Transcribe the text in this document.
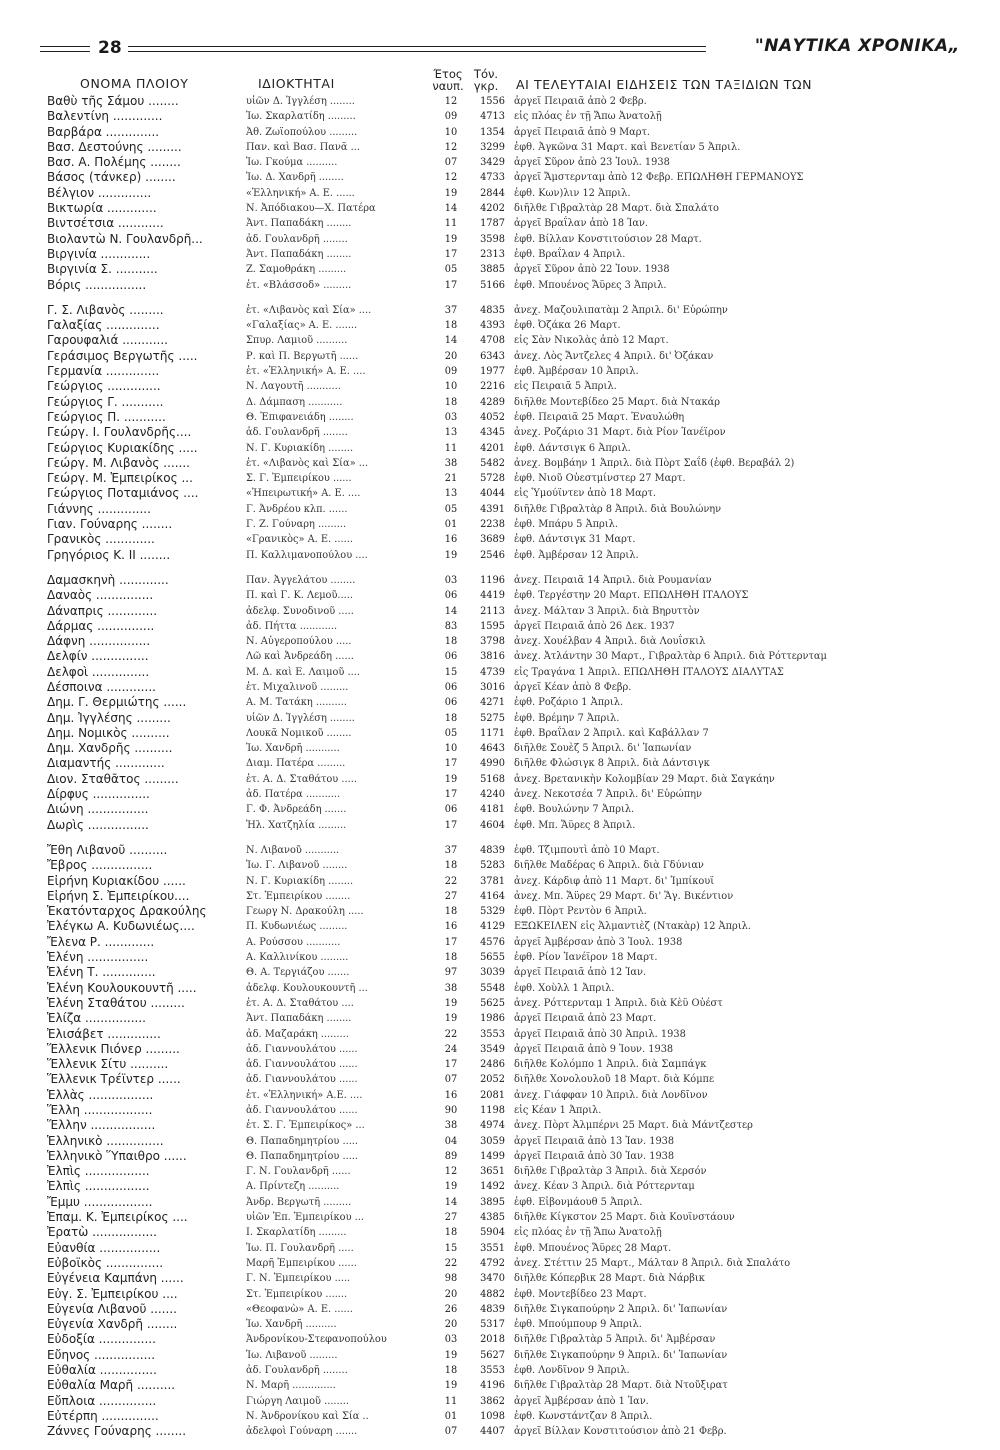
28	"ΝΑΥΤΙΚΑ ΧΡΟΝΙΚΑ„
ΟΝΟΜΑ ΠΛΟΙΟΥ	ΙΔΙΟΚΤΗΤΑΙ
Έτος
ναυπ.
Τόν.
γκρ.	ΑΙ ΤΕΛΕΥΤΑΙΑΙ ΕΙΔΗΣΕΙΣ ΤΩΝ ΤΑΞΙΔΙΩΝ ΤΩΝ
Βαθὺ τῆς Σάμου ........	υἱῶν Δ. Ἰγγλέση ........	12	1556 ἀργεῖ Πειραιᾶ ἀπὸ 2 Φεβρ.
Βαλεντίνη .............	Ἰω. Σκαρλατίδη .........	09	4713 εἰς πλόας ἐν τῇ Ἄπω Ἀνατολῇ
Βαρβάρα ..............	Ἀθ. Ζωϊοπούλου .........	10	1354 ἀργεῖ Πειραιᾶ ἀπὸ 9 Μαρτ.
Βασ. Δεστούνης .........	Παν. καὶ Βασ. Πανᾶ ...	12	3299 ἐφθ. Ἀγκῶνα 31 Μαρτ. καὶ Βενετίαν 5 Ἀπριλ.
Βασ. Α. Πολέμης ........	Ἰω. Γκούμα ..........	07	3429 ἀργεῖ Σῦρον ἀπὸ 23 Ἰουλ. 1938
Βάσος (τάνκερ) ........	Ἰω. Δ. Χανδρῆ ........	12	4733 ἀργεῖ Ἄμστερνταμ ἀπὸ 12 Φεβρ. ΕΠΩΛΗΘΗ ΓΕΡΜΑΝΟΥΣ
Βέλγιον ..............	«Ἑλληνική» Α. Ε. ......	19	2844 ἐφθ. Κων)λιν 12 Ἀπριλ.
Βικτωρία .............	Ν. Ἀπόδιακου—Χ. Πατέρα	14	4202 διῆλθε Γιβραλτὰρ 28 Μαρτ. διὰ Σπαλάτο
Βιντσέτσια ............	Ἀντ. Παπαδάκη ........	11	1787 ἀργεῖ Βραΐλαν ἀπὸ 18 Ἰαν.
Βιολαντὼ Ν. Γουλανδρῆ...	ἀδ. Γουλανδρῆ ........	19	3598 ἐφθ. Βίλλαν Κονστιτούσιον 28 Μαρτ.
Βιργινία .............	Ἀντ. Παπαδάκη ........	17	2313 ἐφθ. Βραΐλαν 4 Ἀπριλ.
Βιργινία Σ. ...........	Ζ. Σαμοθράκη .........	05	3885 ἀργεῖ Σῦρον ἀπὸ 22 Ἰουν. 1938
Βόρις ................	ἑτ. «Βλάσσοδ» .........	17	5166 ἐφθ. Μπουένος Ἄϋρες 3 Ἀπριλ.
Γ. Σ. Λιβανὸς .........	ἑτ. «Λιβανὸς καὶ Σία» ....	37	4835 ἀνεχ. Μαζουλιπατὰμ 2 Ἀπριλ. δι' Εὐρώπην
Γαλαξίας ..............	«Γαλαξίας» Α. Ε. .......	18	4393 ἐφθ. Ὀζάκα 26 Μαρτ.
Γαρουφαλιά ............	Σπυρ. Λαμιοῦ ..........	14	4708 εἰς Σὰν Νικολὰς ἀπὸ 12 Μαρτ.
Γεράσιμος Βεργωτῆς .....	Ρ. καὶ Π. Βεργωτῆ ......	20	6343 ἀνεχ. Λὸς Ἄντζελες 4 Ἀπριλ. δι' Ὀζάκαν
Γερμανία ..............	ἑτ. «Ἑλληνική» Α. Ε. ....	09	1977 ἐφθ. Ἀμβέρσαν 10 Ἀπριλ.
Γεώργιος ..............	Ν. Λαγουτῆ ...........	10	2216 εἰς Πειραιᾶ 5 Ἀπριλ.
Γεώργιος Γ. ...........	Δ. Δάμπαση ...........	18	4289 διῆλθε Μοντεβίδεο 25 Μαρτ. διὰ Ντακάρ
Γεώργιος Π. ...........	Θ. Ἐπιφανειάδη ........	03	4052 ἐφθ. Πειραιᾶ 25 Μαρτ. Ἐναυλώθη
Γεώργ. Ι. Γουλανδρῆς....	ἀδ. Γουλανδρῆ ........	13	4345 ἀνεχ. Ροζάριο 31 Μαρτ. διὰ Ρίον Ἰανέϊρον
Γεώργιος Κυριακίδης .....	Ν. Γ. Κυριακίδη ........	11	4201 ἐφθ. Δάντσιγκ 6 Ἀπριλ.
Γεώργ. Μ. Λιβανὸς .......	ἑτ. «Λιβανὸς καὶ Σία» ...	38	5482 ἀνεχ. Βομβάην 1 Ἀπριλ. διὰ Πὸρτ Σαΐδ (ἐφθ. Βεραβάλ 2)
Γεώργ. Μ. Ἐμπειρίκος ...	Σ. Γ. Ἐμπειρίκου ......	21	5728 ἐφθ. Νιοῦ Οὐεστμίνστερ 27 Μαρτ.
Γεώργιος Ποταμιάνος ....	«Ἠπειρωτική» Α. Ε. ....	13	4044 εἰς Ὑμούϊντεν ἀπὸ 18 Μαρτ.
Γιάννης ..............	Γ. Ἀνδρέου κλπ. ......	05	4391 διῆλθε Γιβραλτὰρ 8 Ἀπριλ. διὰ Βουλώνην
Γιαν. Γούναρης ........	Γ. Ζ. Γούναρη .........	01	2238 ἐφθ. Μπάρυ 5 Ἀπριλ.
Γρανικὸς .............	«Γρανικὸς» Α. Ε. ......	16	3689 ἐφθ. Δάντσιγκ 31 Μαρτ.
Γρηγόριος Κ. ΙΙ ........	Π. Καλλιμανοπούλου ....	19	2546 ἐφθ. Ἀμβέρσαν 12 Ἀπριλ.
Δαμασκηνὴ .............	Παν. Ἀγγελάτου ........	03	1196 ἀνεχ. Πειραιᾶ 14 Ἀπριλ. διὰ Ρουμανίαν
Δαναὸς ...............	Π. καὶ Γ. Κ. Λεμοῦ.....	06	4419 ἐφθ. Τεργέστην 20 Μαρτ. ΕΠΩΛΗΘΗ ΙΤΑΛΟΥΣ
Δάναπρις .............	ἀδελφ. Συνοδινοῦ .....	14	2113 ἀνεχ. Μάλταν 3 Ἀπριλ. διὰ Βηρυττὸν
Δάρμας ...............	ἀδ. Πήττα ............	83	1595 ἀργεῖ Πειραιᾶ ἀπὸ 26 Δεκ. 1937
Δάφνη ................	Ν. Αὐγεροπούλου .....	18	3798 ἀνεχ. Χουέλβαν 4 Ἀπριλ. διὰ Λουΐσκιλ
Δελφίν ...............	Λῶ καὶ Ἀνδρεάδη ......	06	3816 ἀνεχ. Ἀτλάντην 30 Μαρτ., Γιβραλτὰρ 6 Ἀπριλ. διὰ Ρόττερνταμ
Δελφοὶ ...............	Μ. Δ. καὶ Ε. Λαιμοῦ ....	15	4739 εἰς Τραγάνα 1 Ἀπριλ. ΕΠΩΛΗΘΗ ΙΤΑΛΟΥΣ ΔΙΑΛΥΤΑΣ
Δέσποινα .............	ἑτ. Μιχαλινοῦ .........	06	3016 ἀργεῖ Κέαν ἀπὸ 8 Φεβρ.
Δημ. Γ. Θερμιώτης ......	Α. Μ. Τατάκη ..........	06	4271 ἐφθ. Ροζάριο 1 Ἀπριλ.
Δημ. Ἰγγλέσης .........	υἱῶν Δ. Ἰγγλέση ........	18	5275 ἐφθ. Βρέμην 7 Ἀπριλ.
Δημ. Νομικὸς ..........	Λουκᾶ Νομικοῦ ........	05	1171 ἐφθ. Βραΐλαν 2 Ἀπριλ. καὶ Καβάλλαν 7
Δημ. Χανδρῆς ..........	Ἰω. Χανδρῆ ...........	10	4643 διῆλθε Σουὲζ 5 Ἀπριλ. δι' Ἰαπωνίαν
Διαμαντής .............	Διαμ. Πατέρα .........	17	4990 διῆλθε Φλώσιγκ 8 Ἀπριλ. διὰ Δάντσιγκ
Διον. Σταθᾶτος .........	ἑτ. Α. Δ. Σταθάτου .....	19	5168 ἀνεχ. Βρετανικὴν Κολομβίαν 29 Μαρτ. διὰ Σαγκάην
Δίρφυς ...............	ἀδ. Πατέρα ...........	17	4240 ἀνεχ. Νεκοτσέα 7 Ἀπριλ. δι' Εὐρώπην
Διώνη ................	Γ. Φ. Ἀνδρεάδη .......	06	4181 ἐφθ. Βουλώνην 7 Ἀπριλ.
Δωρὶς ................	Ἠλ. Χατζηλία .........	17	4604 ἐφθ. Μπ. Ἄϋρες 8 Ἀπριλ.
Ἔθη Λιβανοῦ ..........	Ν. Λιβανοῦ ...........	37	4839 ἐφθ. Τζιμπουτὶ ἀπὸ 10 Μαρτ.
Ἔβρος ................	Ἰω. Γ. Λιβανοῦ ........	18	5283 διῆλθε Μαδέρας 6 Ἀπριλ. διὰ Γδύνιαν
Εἰρήνη Κυριακίδου ......	Ν. Γ. Κυριακίδη ........	22	3781 ἀνεχ. Κάρδιφ ἀπὸ 11 Μαρτ. δι' Ἰμπίκουϊ
Εἰρήνη Σ. Ἐμπειρίκου....	Στ. Ἐμπειρίκου ........	27	4164 ἀνεχ. Μπ. Ἄϋρες 29 Μαρτ. δι' Ἅγ. Βικέντιον
Ἑκατόνταρχος Δρακούλης	Γεωργ Ν. Δρακούλη .....	18	5329 ἐφθ. Πὸρτ Ρεντὸν 6 Ἀπριλ.
Ἐλέγκω Α. Κυδωνιέως....	Π. Κυδωνιέως .........	16	4129 ΕΞΩΚΕΙΛΕΝ εἰς Ἀλμαντιὲζ (Ντακὰρ) 12 Ἀπριλ.
Ἔλενα Ρ. .............	Α. Ρούσσου ...........	17	4576 ἀργεῖ Ἀμβέρσαν ἀπὸ 3 Ἰουλ. 1938
Ἑλένη ................	Α. Καλλινίκου .........	18	5655 ἐφθ. Ρίον Ἰανέϊρον 18 Μαρτ.
Ἑλένη Τ. ..............	Θ. Α. Τεργιάζου .......	97	3039 ἀργεῖ Πειραιᾶ ἀπὸ 12 Ἰαν.
Ἑλένη Κουλουκουντῆ .....	ἀδελφ. Κουλουκουντῆ ...	38	5548 ἐφθ. Χοὺλλ 1 Ἀπριλ.
Ἑλένη Σταθάτου .........	ἑτ. Α. Δ. Σταθάτου ....	19	5625 ἀνεχ. Ρόττερνταμ 1 Ἀπριλ. διὰ Κὲϋ Οὐέστ
Ἑλίζα ................	Ἀντ. Παπαδάκη ........	19	1986 ἀργεῖ Πειραιᾶ ἀπὸ 23 Μαρτ.
Ἐλισάβετ ..............	ἀδ. Μαζαράκη .........	22	3553 ἀργεῖ Πειραιᾶ ἀπὸ 30 Ἀπριλ. 1938
Ἕλλενικ Πιόνερ .........	ἀδ. Γιαννουλάτου ......	24	3549 ἀργεῖ Πειραιᾶ ἀπὸ 9 Ἰουν. 1938
Ἕλλενικ Σίτυ ..........	ἀδ. Γιαννουλάτου ......	17	2486 διῆλθε Κολόμπο 1 Ἀπριλ. διὰ Σαμπάγκ
Ἕλλενικ Τρέϊντερ ......	ἀδ. Γιαννουλάτου ......	07	2052 διῆλθε Χονολουλοῦ 18 Μαρτ. διὰ Κόμπε
Ἑλλὰς .................	ἑτ. «Ἑλληνική» Α.Ε. ....	16	2081 ἀνεχ. Γιάφφαν 10 Ἀπριλ. διὰ Λονδῖνον
Ἕλλη ..................	ἀδ. Γιαννουλάτου ......	90	1198 εἰς Κέαν 1 Ἀπριλ.
Ἕλλην .................	ἑτ. Σ. Γ. Ἐμπειρίκος» ...	38	4974 ἀνεχ. Πὸρτ Ἀλμπέρνι 25 Μαρτ. διὰ Μάντζεστερ
Ἑλληνικὸ ...............	Θ. Παπαδημητρίου .....	04	3059 ἀργεῖ Πειραιᾶ ἀπὸ 13 Ἰαν. 1938
Ἑλληνικὸ Ὕπαιθρο ......	Θ. Παπαδημητρίου .....	89	1499 ἀργεῖ Πειραιᾶ ἀπὸ 30 Ἰαν. 1938
Ἐλπὶς .................	Γ. Ν. Γουλανδρῆ ......	12	3651 διῆλθε Γιβραλτὰρ 3 Ἀπριλ. διὰ Χερσόν
Ἐλπὶς .................	Α. Πρίντεζη ..........	19	1492 ἀνεχ. Κέαν 3 Ἀπριλ. διὰ Ρόττερνταμ
Ἔμμυ ..................	Ἀνδρ. Βεργωτῆ .........	14	3895 ἐφθ. Εἰβονμάουθ 5 Ἀπριλ.
Ἐπαμ. Κ. Ἐμπειρίκος ....	υἱῶν Ἐπ. Ἐμπειρίκου ...	27	4385 διῆλθε Κίγκστον 25 Μαρτ. διὰ Κουϊνστάουν
Ἐρατὼ .................	Ι. Σκαρλατίδη .........	18	5904 εἰς πλόας ἐν τῇ Ἄπω Ἀνατολῇ
Εὐανθία ................	Ἰω. Π. Γουλανδρῆ .....	15	3551 ἐφθ. Μπουένος Ἄϋρες 28 Μαρτ.
Εὐβοϊκὸς ...............	Μαρῆ Ἐμπειρίκου ......	22	4792 ἀνεχ. Στέττιν 25 Μαρτ., Μάλταν 8 Ἀπριλ. διὰ Σπαλάτο
Εὐγένεια Καμπάνη ......	Γ. Ν. Ἐμπειρίκου .....	98	3470 διῆλθε Κόπερβικ 28 Μαρτ. διὰ Νάρβικ
Εὐγ. Σ. Ἐμπειρίκου ....	Στ. Ἐμπειρίκου .......	20	4882 ἐφθ. Μοντεβίδεο 23 Μαρτ.
Εὐγενία Λιβανοῦ .......	«Θεοφανὼ» Α. Ε. ......	26	4839 διῆλθε Σιγκαπούρην 2 Ἀπριλ. δι' Ἰαπωνίαν
Εὐγενία Χανδρῆ ........	Ἰω. Χανδρῆ ..........	20	5317 ἐφθ. Μπούμπουρ 9 Ἀπριλ.
Εὐδοξία ...............	Ἀνδρονίκου-Στεφανοπούλου	03	2018 διῆλθε Γιβραλτὰρ 5 Ἀπριλ. δι' Ἀμβέρσαν
Εὔηνος ................	Ἰω. Λιβανοῦ .........	19	5627 διῆλθε Σιγκαπούρην 9 Ἀπριλ. δι' Ἰαπωνίαν
Εὐθαλία ...............	ἀδ. Γουλανδρῆ ........	18	3553 ἐφθ. Λονδῖνον 9 Ἀπριλ.
Εὐθαλία Μαρῆ ..........	Ν. Μαρῆ ..............	19	4196 διῆλθε Γιβραλτὰρ 28 Μαρτ. διὰ Ντοῦξιρατ
Εὔπλοια ...............	Γιώργη Λαιμοῦ ........	11	3862 ἀργεῖ Ἀμβέρσαν ἀπὸ 1 Ἰαν.
Εὐτέρπη ...............	Ν. Ἀνδρονίκου καὶ Σία ..	01	1098 ἐφθ. Κωνστάντζαν 8 Ἀπριλ.
Ζάννες Γούναρης ........	ἀδελφοὶ Γούναρη .......	07	4407 ἀργεῖ Βίλλαν Κονστιτούσιον ἀπὸ 21 Φεβρ.
